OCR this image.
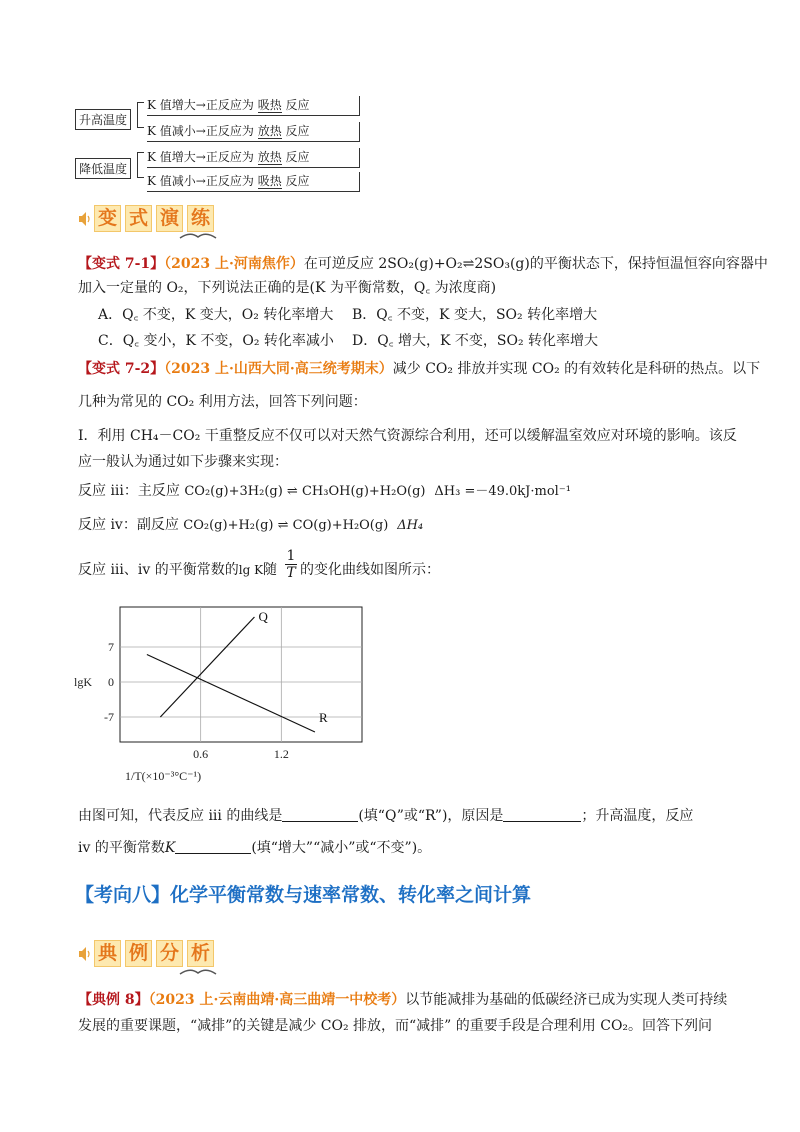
升高温度
降低温度
K 值增大→正反应为 吸热 反应
K 值减小→正反应为 放热 反应
K 值增大→正反应为 放热 反应
K 值减小→正反应为 吸热 反应
变 式 演 练
【变式 7-1】（2023 上·河南焦作）在可逆反应 2SO₂(g)+O₂⇌2SO₃(g)的平衡状态下，保持恒温恒容向容器中
加入一定量的 O₂，下列说法正确的是(K 为平衡常数，Q꜀ 为浓度商)
A．Q꜀ 不变，K 变大，O₂ 转化率增大 B．Q꜀ 不变，K 变大，SO₂ 转化率增大
C．Q꜀ 变小，K 不变，O₂ 转化率减小 D．Q꜀ 增大，K 不变，SO₂ 转化率增大
【变式 7-2】（2023 上·山西大同·高三统考期末）减少 CO₂ 排放并实现 CO₂ 的有效转化是科研的热点。以下
几种为常见的 CO₂ 利用方法，回答下列问题：
I．利用 CH₄－CO₂ 干重整反应不仅可以对天然气资源综合利用，还可以缓解温室效应对环境的影响。该反
应一般认为通过如下步骤来实现：
反应 iii：主反应 CO₂(g)+3H₂(g) ⇌ CH₃OH(g)+H₂O(g) ΔH₃ =－49.0kJ·mol⁻¹
反应 iv：副反应 CO₂(g)+H₂(g) ⇌ CO(g)+H₂O(g) ΔH₄
反应 iii、iv 的平衡常数的lg K随
1
T 的变化曲线如图所示：
7
0
-7
0.6	1.2
lgK
1/T(×10⁻³°C⁻¹)
Q
R
由图可知，代表反应 iii 的曲线是	(填“Q”或“R”)，原因是	；升高温度，反应
iv 的平衡常数K	(填“增大”“减小”或“不变”)。
【考向八】化学平衡常数与速率常数、转化率之间计算
典 例 分 析
【典例 8】（2023 上·云南曲靖·高三曲靖一中校考）以节能减排为基础的低碳经济已成为实现人类可持续
发展的重要课题，“减排”的关键是减少 CO₂ 排放，而“减排” 的重要手段是合理利用 CO₂。回答下列问
